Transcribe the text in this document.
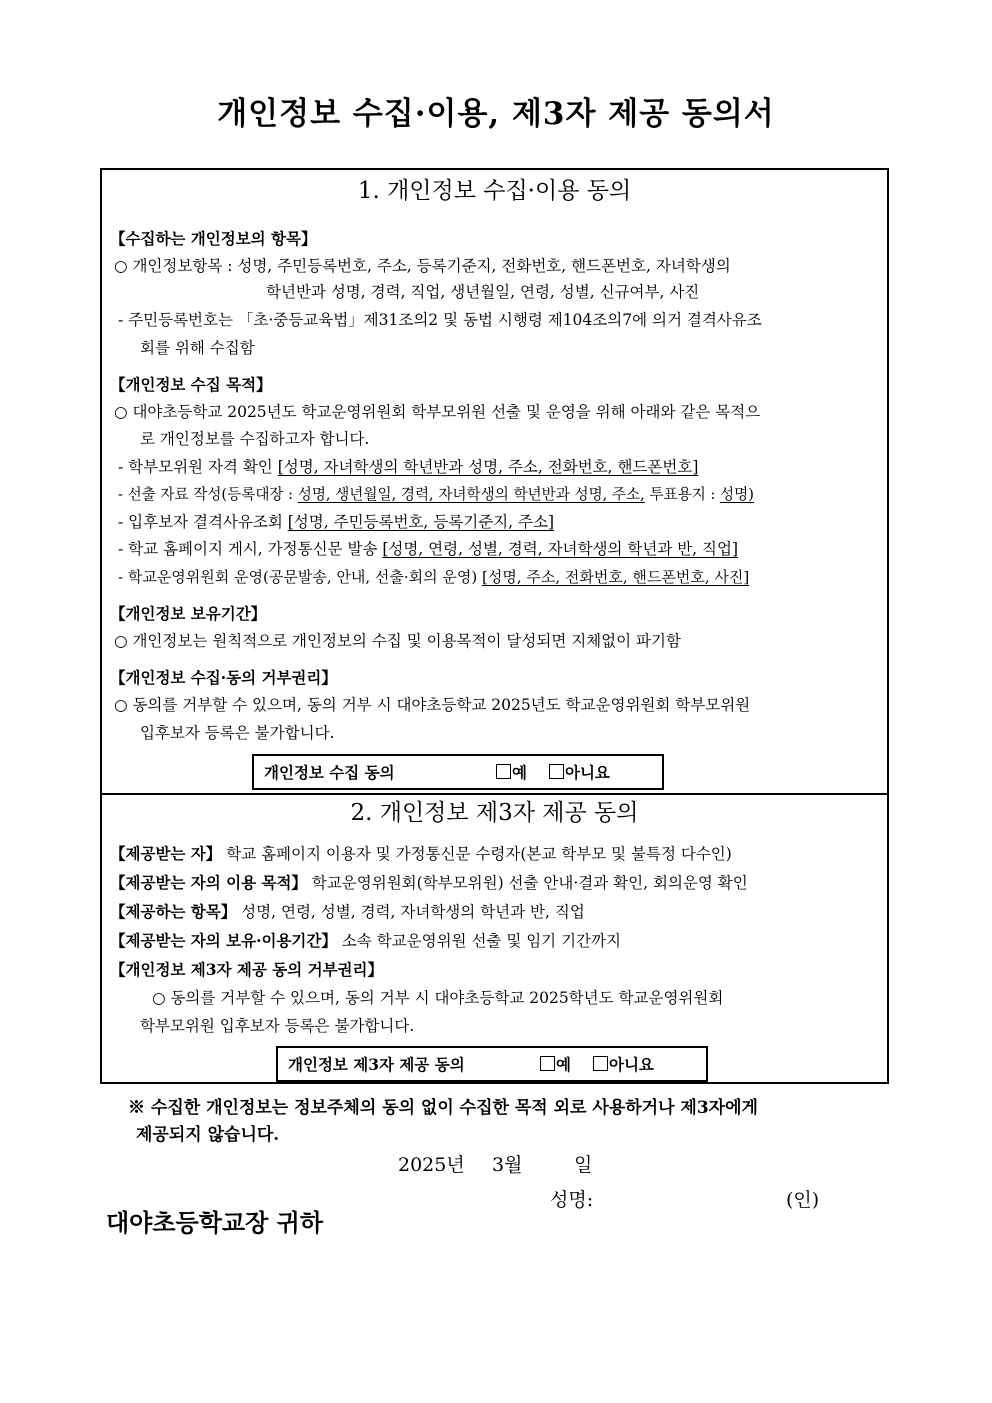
개인정보 수집·이용, 제3자 제공 동의서
1. 개인정보 수집·이용 동의
【수집하는 개인정보의 항목】
○ 개인정보항목 : 성명, 주민등록번호, 주소, 등록기준지, 전화번호, 핸드폰번호, 자녀학생의
학년반과 성명, 경력, 직업, 생년월일, 연령, 성별, 신규여부, 사진
- 주민등록번호는 「초·중등교육법」제31조의2 및 동법 시행령 제104조의7에 의거 결격사유조
회를 위해 수집함
【개인정보 수집 목적】
○ 대야초등학교 2025년도 학교운영위원회 학부모위원 선출 및 운영을 위해 아래와 같은 목적으
로 개인정보를 수집하고자 합니다.
- 학부모위원 자격 확인 [성명, 자녀학생의 학년반과 성명, 주소, 전화번호, 핸드폰번호]
- 선출 자료 작성(등록대장 : 성명, 생년월일, 경력, 자녀학생의 학년반과 성명, 주소, 투표용지 : 성명)
- 입후보자 결격사유조회 [성명, 주민등록번호, 등록기준지, 주소]
- 학교 홈페이지 게시, 가정통신문 발송 [성명, 연령, 성별, 경력, 자녀학생의 학년과 반, 직업]
- 학교운영위원회 운영(공문발송, 안내, 선출·회의 운영) [성명, 주소, 전화번호, 핸드폰번호, 사진]
【개인정보 보유기간】
○ 개인정보는 원칙적으로 개인정보의 수집 및 이용목적이 달성되면 지체없이 파기함
【개인정보 수집·동의 거부권리】
○ 동의를 거부할 수 있으며, 동의 거부 시 대야초등학교 2025년도 학교운영위원회 학부모위원
입후보자 등록은 불가합니다.
개인정보 수집 동의	예	아니요
2. 개인정보 제3자 제공 동의
【제공받는 자】 학교 홈페이지 이용자 및 가정통신문 수령자(본교 학부모 및 불특정 다수인)
【제공받는 자의 이용 목적】 학교운영위원회(학부모위원) 선출 안내·결과 확인, 회의운영 확인
【제공하는 항목】 성명, 연령, 성별, 경력, 자녀학생의 학년과 반, 직업
【제공받는 자의 보유·이용기간】 소속 학교운영위원 선출 및 임기 기간까지
【개인정보 제3자 제공 동의 거부권리】
○ 동의를 거부할 수 있으며, 동의 거부 시 대야초등학교 2025학년도 학교운영위원회
학부모위원 입후보자 등록은 불가합니다.
개인정보 제3자 제공 동의	예	아니요
※ 수집한 개인정보는 정보주체의 동의 없이 수집한 목적 외로 사용하거나 제3자에게
제공되지 않습니다.
2025년 3월	일
성명:	(인)
대야초등학교장 귀하
